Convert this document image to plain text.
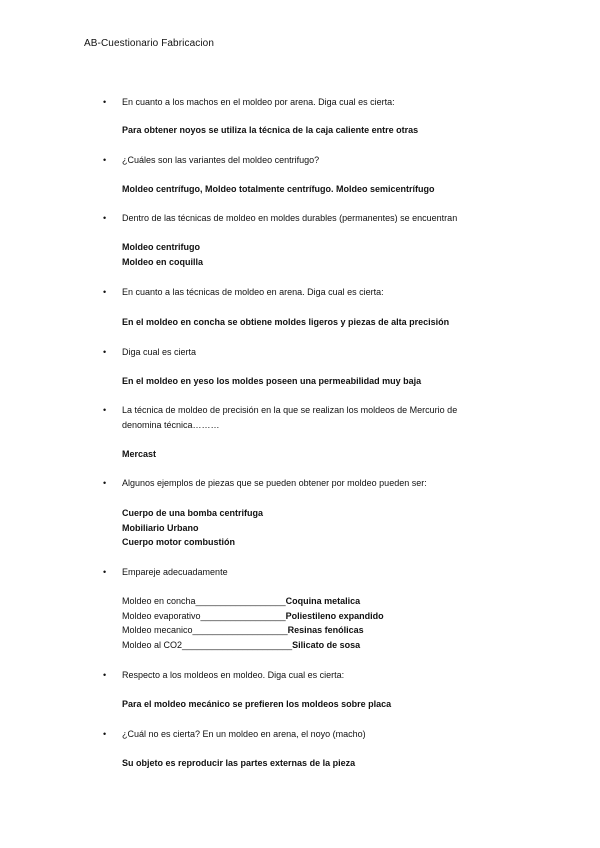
AB-Cuestionario Fabricacion
• En cuanto a los machos en el moldeo por arena. Diga cual es cierta:
Para obtener noyos se utiliza la técnica de la caja caliente entre otras
• ¿Cuáles son las variantes del moldeo centrifugo?
Moldeo centrífugo, Moldeo totalmente centrífugo. Moldeo semicentrífugo
• Dentro de las técnicas de moldeo en moldes durables (permanentes) se encuentran
Moldeo centrifugo
Moldeo en coquilla
• En cuanto a las técnicas de moldeo en arena. Diga cual es cierta:
En el moldeo en concha se obtiene moldes ligeros y piezas de alta precisión
• Diga cual es cierta
En el moldeo en yeso los moldes poseen una permeabilidad muy baja
• La técnica de moldeo de precisión en la que se realizan los moldeos de Mercurio de
denomina técnica………
Mercast
• Algunos ejemplos de piezas que se pueden obtener por moldeo pueden ser:
Cuerpo de una bomba centrifuga
Mobiliario Urbano
Cuerpo motor combustión
• Empareje adecuadamente
Moldeo en concha__________________Coquina metalica
Moldeo evaporativo_________________Poliestileno expandido
Moldeo mecanico___________________Resinas fenólicas
Moldeo al CO2______________________Silicato de sosa
• Respecto a los moldeos en moldeo. Diga cual es cierta:
Para el moldeo mecánico se prefieren los moldeos sobre placa
• ¿Cuál no es cierta? En un moldeo en arena, el noyo (macho)
Su objeto es reproducir las partes externas de la pieza
